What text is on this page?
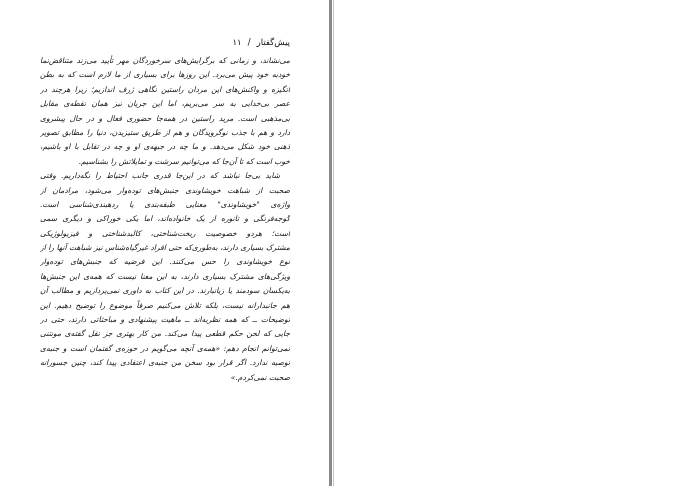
پیش‌گفتار
/
۱۱
می‌نشاند، و زمانی که برگرایش‌های سرخوردگان مهر تأیید می‌زند متناقض‌نما
خودبه خود پیش می‌برد. این روزها برای بسیاری از ما لازم است که به بطن
انگیزه و واکنش‌های این مردان راستین نگاهی ژرف اندازیم؛ زیرا هرچند در
عصر بی‌خدایی به سر می‌بریم، اما این جریان نیز همان نقطه‌ی مقابل
بی‌مذهبی است. مرید راستین در همه‌جا حضوری فعال و در حال پیشروی
دارد و هم با جذب نوگرویدگان و هم از طریق ستیزیدن، دنیا را مطابق تصویر
ذهنی خود شکل می‌دهد. و ما چه در جبهه‌ی او و چه در تقابل با او باشیم،
خوب است که تا آن‌جا که می‌توانیم سرشت و تمایلاتش را بشناسیم.
شاید بی‌جا نباشد که در این‌جا قدری جانب احتیاط را نگه‌داریم. وقتی
صحبت از شباهت خویشاوندی جنبش‌های توده‌وار می‌شود، مرادمان از
واژه‌ی "خویشاوندی" معنایی طبقه‌بندی یا ردهبندی‌شناسی است.
گوجه‌فرنگی و تانوره از یک خانواده‌اند، اما یکی خوراکی و دیگری سمی
است؛ هردو خصوصیت ریخت‌شناختی، کالبدشناختی و فیزیولوژیکی
مشترک بسیاری دارند، به‌طوری‌که حتی افراد غیرگیاه‌شناس نیز شباهت آنها را از
نوع خویشاوندی را حس می‌کنند. این فرضیه که جنبش‌های توده‌وار
ویژگی‌های مشترک بسیاری دارند، به این معنا نیست که همه‌ی این جنبش‌ها
به‌یکسان سودمند یا زیانبارند. در این کتاب به داوری نمی‌پردازیم و مطالب آن
هم جانبدارانه نیست، بلکه تلاش می‌کنیم صرفاً موضوع را توضیح دهیم. این
توضیحات ــ که همه نظریه‌اند ــ ماهیت پیشنهادی و مباحثاتی دارند، حتی در
جایی که لحن حکم قطعی پیدا می‌کند. من کار بهتری جز نقل گفته‌ی مونتنی
نمی‌توانم انجام دهم: «همه‌ی آنچه می‌گویم در حوزه‌ی گفتمان است و جنبه‌ی
توصیه ندارد. اگر قرار بود سخن من جنبه‌ی اعتقادی پیدا کند، چنین جسورانه
صحبت نمی‌کردم.»
